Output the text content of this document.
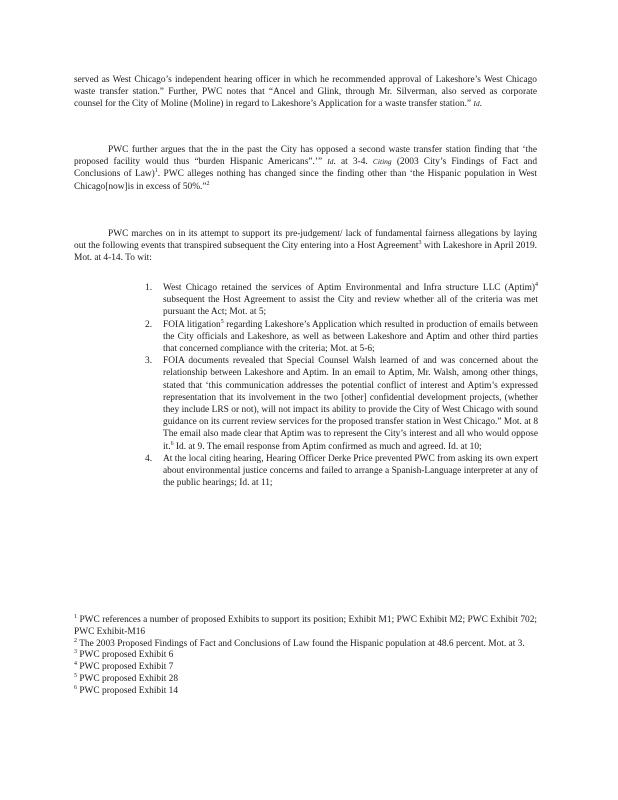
served as West Chicago’s independent hearing officer in which he recommended approval of Lakeshore’s West Chicago waste transfer station.” Further, PWC notes that “Ancel and Glink, through Mr. Silverman, also served as corporate counsel for the City of Moline (Moline) in regard to Lakeshore’s Application for a waste transfer station.” Id.

PWC further argues that the in the past the City has opposed a second waste transfer station finding that ‘the proposed facility would thus “burden Hispanic Americans”.’” Id. at 3-4. Citing (2003 City’s Findings of Fact and Conclusions of Law)$^1$. PWC alleges nothing has changed since the finding other than ‘the Hispanic population in West Chicago[now]is in excess of 50%.”$^2$

PWC marches on in its attempt to support its pre-judgement/ lack of fundamental fairness allegations by laying out the following events that transpired subsequent the City entering into a Host Agreement$^3$ with Lakeshore in April 2019. Mot. at 4-14. To wit:

1. West Chicago retained the services of Aptim Environmental and Infra structure LLC (Aptim)$^4$ subsequent the Host Agreement to assist the City and review whether all of the criteria was met pursuant the Act; Mot. at 5;
2. FOIA litigation$^5$ regarding Lakeshore’s Application which resulted in production of emails between the City officials and Lakeshore, as well as between Lakeshore and Aptim and other third parties that concerned compliance with the criteria; Mot. at 5-6;
3. FOIA documents revealed that Special Counsel Walsh learned of and was concerned about the relationship between Lakeshore and Aptim. In an email to Aptim, Mr. Walsh, among other things, stated that ‘this communication addresses the potential conflict of interest and Aptim’s expressed representation that its involvement in the two [other] confidential development projects, (whether they include LRS or not), will not impact its ability to provide the City of West Chicago with sound guidance on its current review services for the proposed transfer station in West Chicago.” Mot. at 8 The email also made clear that Aptim was to represent the City’s interest and all who would oppose it.$^6$ Id. at 9. The email response from Aptim confirmed as much and agreed. Id. at 10;
4. At the local citing hearing, Hearing Officer Derke Price prevented PWC from asking its own expert about environmental justice concerns and failed to arrange a Spanish-Language interpreter at any of the public hearings; Id. at 11;

$^1$ PWC references a number of proposed Exhibits to support its position; Exhibit M1; PWC Exhibit M2; PWC Exhibit 702; PWC Exhibit-M16

$^2$ The 2003 Proposed Findings of Fact and Conclusions of Law found the Hispanic population at 48.6 percent. Mot. at 3.

$^3$ PWC proposed Exhibit 6

$^4$ PWC proposed Exhibit 7

$^5$ PWC proposed Exhibit 28

$^6$ PWC proposed Exhibit 14
